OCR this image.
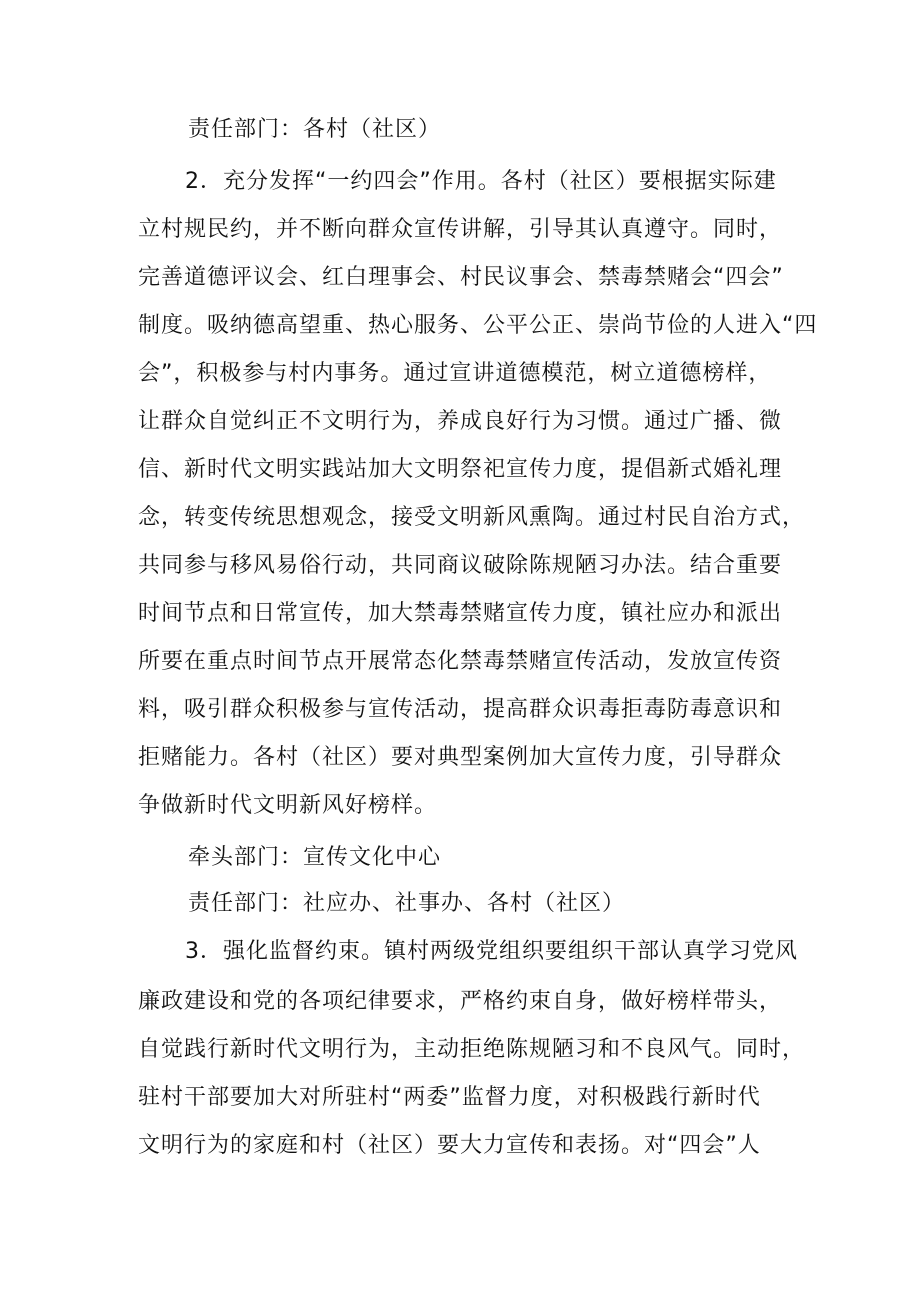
责任部门：各村（社区）
2．充分发挥“一约四会”作用。各村（社区）要根据实际建
立村规民约，并不断向群众宣传讲解，引导其认真遵守。同时，
完善道德评议会、红白理事会、村民议事会、禁毒禁赌会“四会”
制度。吸纳德高望重、热心服务、公平公正、崇尚节俭的人进入“四
会”，积极参与村内事务。通过宣讲道德模范，树立道德榜样，
让群众自觉纠正不文明行为，养成良好行为习惯。通过广播、微
信、新时代文明实践站加大文明祭祀宣传力度，提倡新式婚礼理
念，转变传统思想观念，接受文明新风熏陶。通过村民自治方式，
共同参与移风易俗行动，共同商议破除陈规陋习办法。结合重要
时间节点和日常宣传，加大禁毒禁赌宣传力度，镇社应办和派出
所要在重点时间节点开展常态化禁毒禁赌宣传活动，发放宣传资
料，吸引群众积极参与宣传活动，提高群众识毒拒毒防毒意识和
拒赌能力。各村（社区）要对典型案例加大宣传力度，引导群众
争做新时代文明新风好榜样。
牵头部门：宣传文化中心
责任部门：社应办、社事办、各村（社区）
3．强化监督约束。镇村两级党组织要组织干部认真学习党风
廉政建设和党的各项纪律要求，严格约束自身，做好榜样带头，
自觉践行新时代文明行为，主动拒绝陈规陋习和不良风气。同时，
驻村干部要加大对所驻村“两委”监督力度，对积极践行新时代
文明行为的家庭和村（社区）要大力宣传和表扬。对“四会”人
